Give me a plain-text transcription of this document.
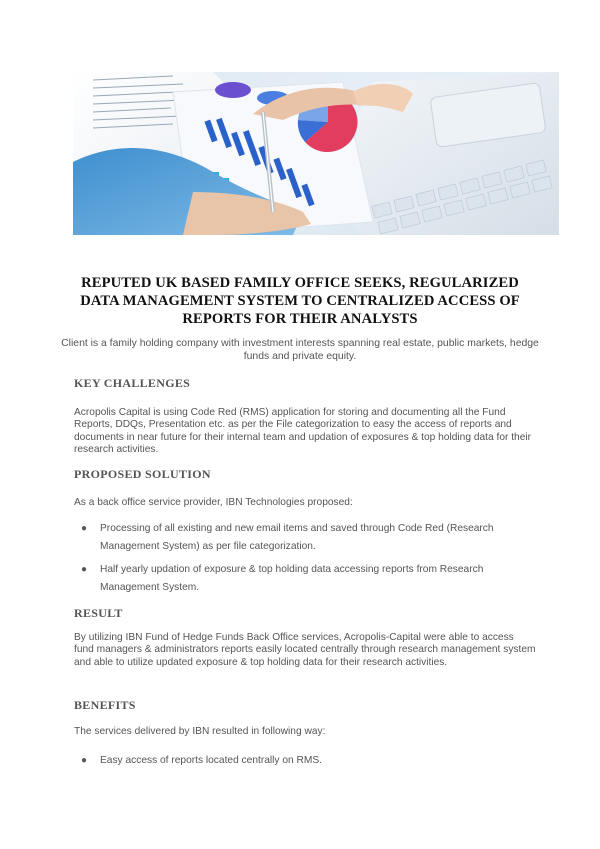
REPUTED UK BASED FAMILY OFFICE SEEKS, REGULARIZED DATA MANAGEMENT SYSTEM TO CENTRALIZED ACCESS OF REPORTS FOR THEIR ANALYSTS

Client is a family holding company with investment interests spanning real estate, public markets, hedge funds and private equity.

KEY CHALLENGES

Acropolis Capital is using Code Red (RMS) application for storing and documenting all the Fund Reports, DDQs, Presentation etc. as per the File categorization to easy the access of reports and documents in near future for their internal team and updation of exposures & top holding data for their research activities.

PROPOSED SOLUTION

As a back office service provider, IBN Technologies proposed:

● Processing of all existing and new email items and saved through Code Red (Research Management System) as per file categorization.
● Half yearly updation of exposure & top holding data accessing reports from Research Management System.
RESULT

By utilizing IBN Fund of Hedge Funds Back Office services, Acropolis-Capital were able to access fund managers & administrators reports easily located centrally through research management system and able to utilize updated exposure & top holding data for their research activities.

BENEFITS

The services delivered by IBN resulted in following way:

● Easy access of reports located centrally on RMS.
